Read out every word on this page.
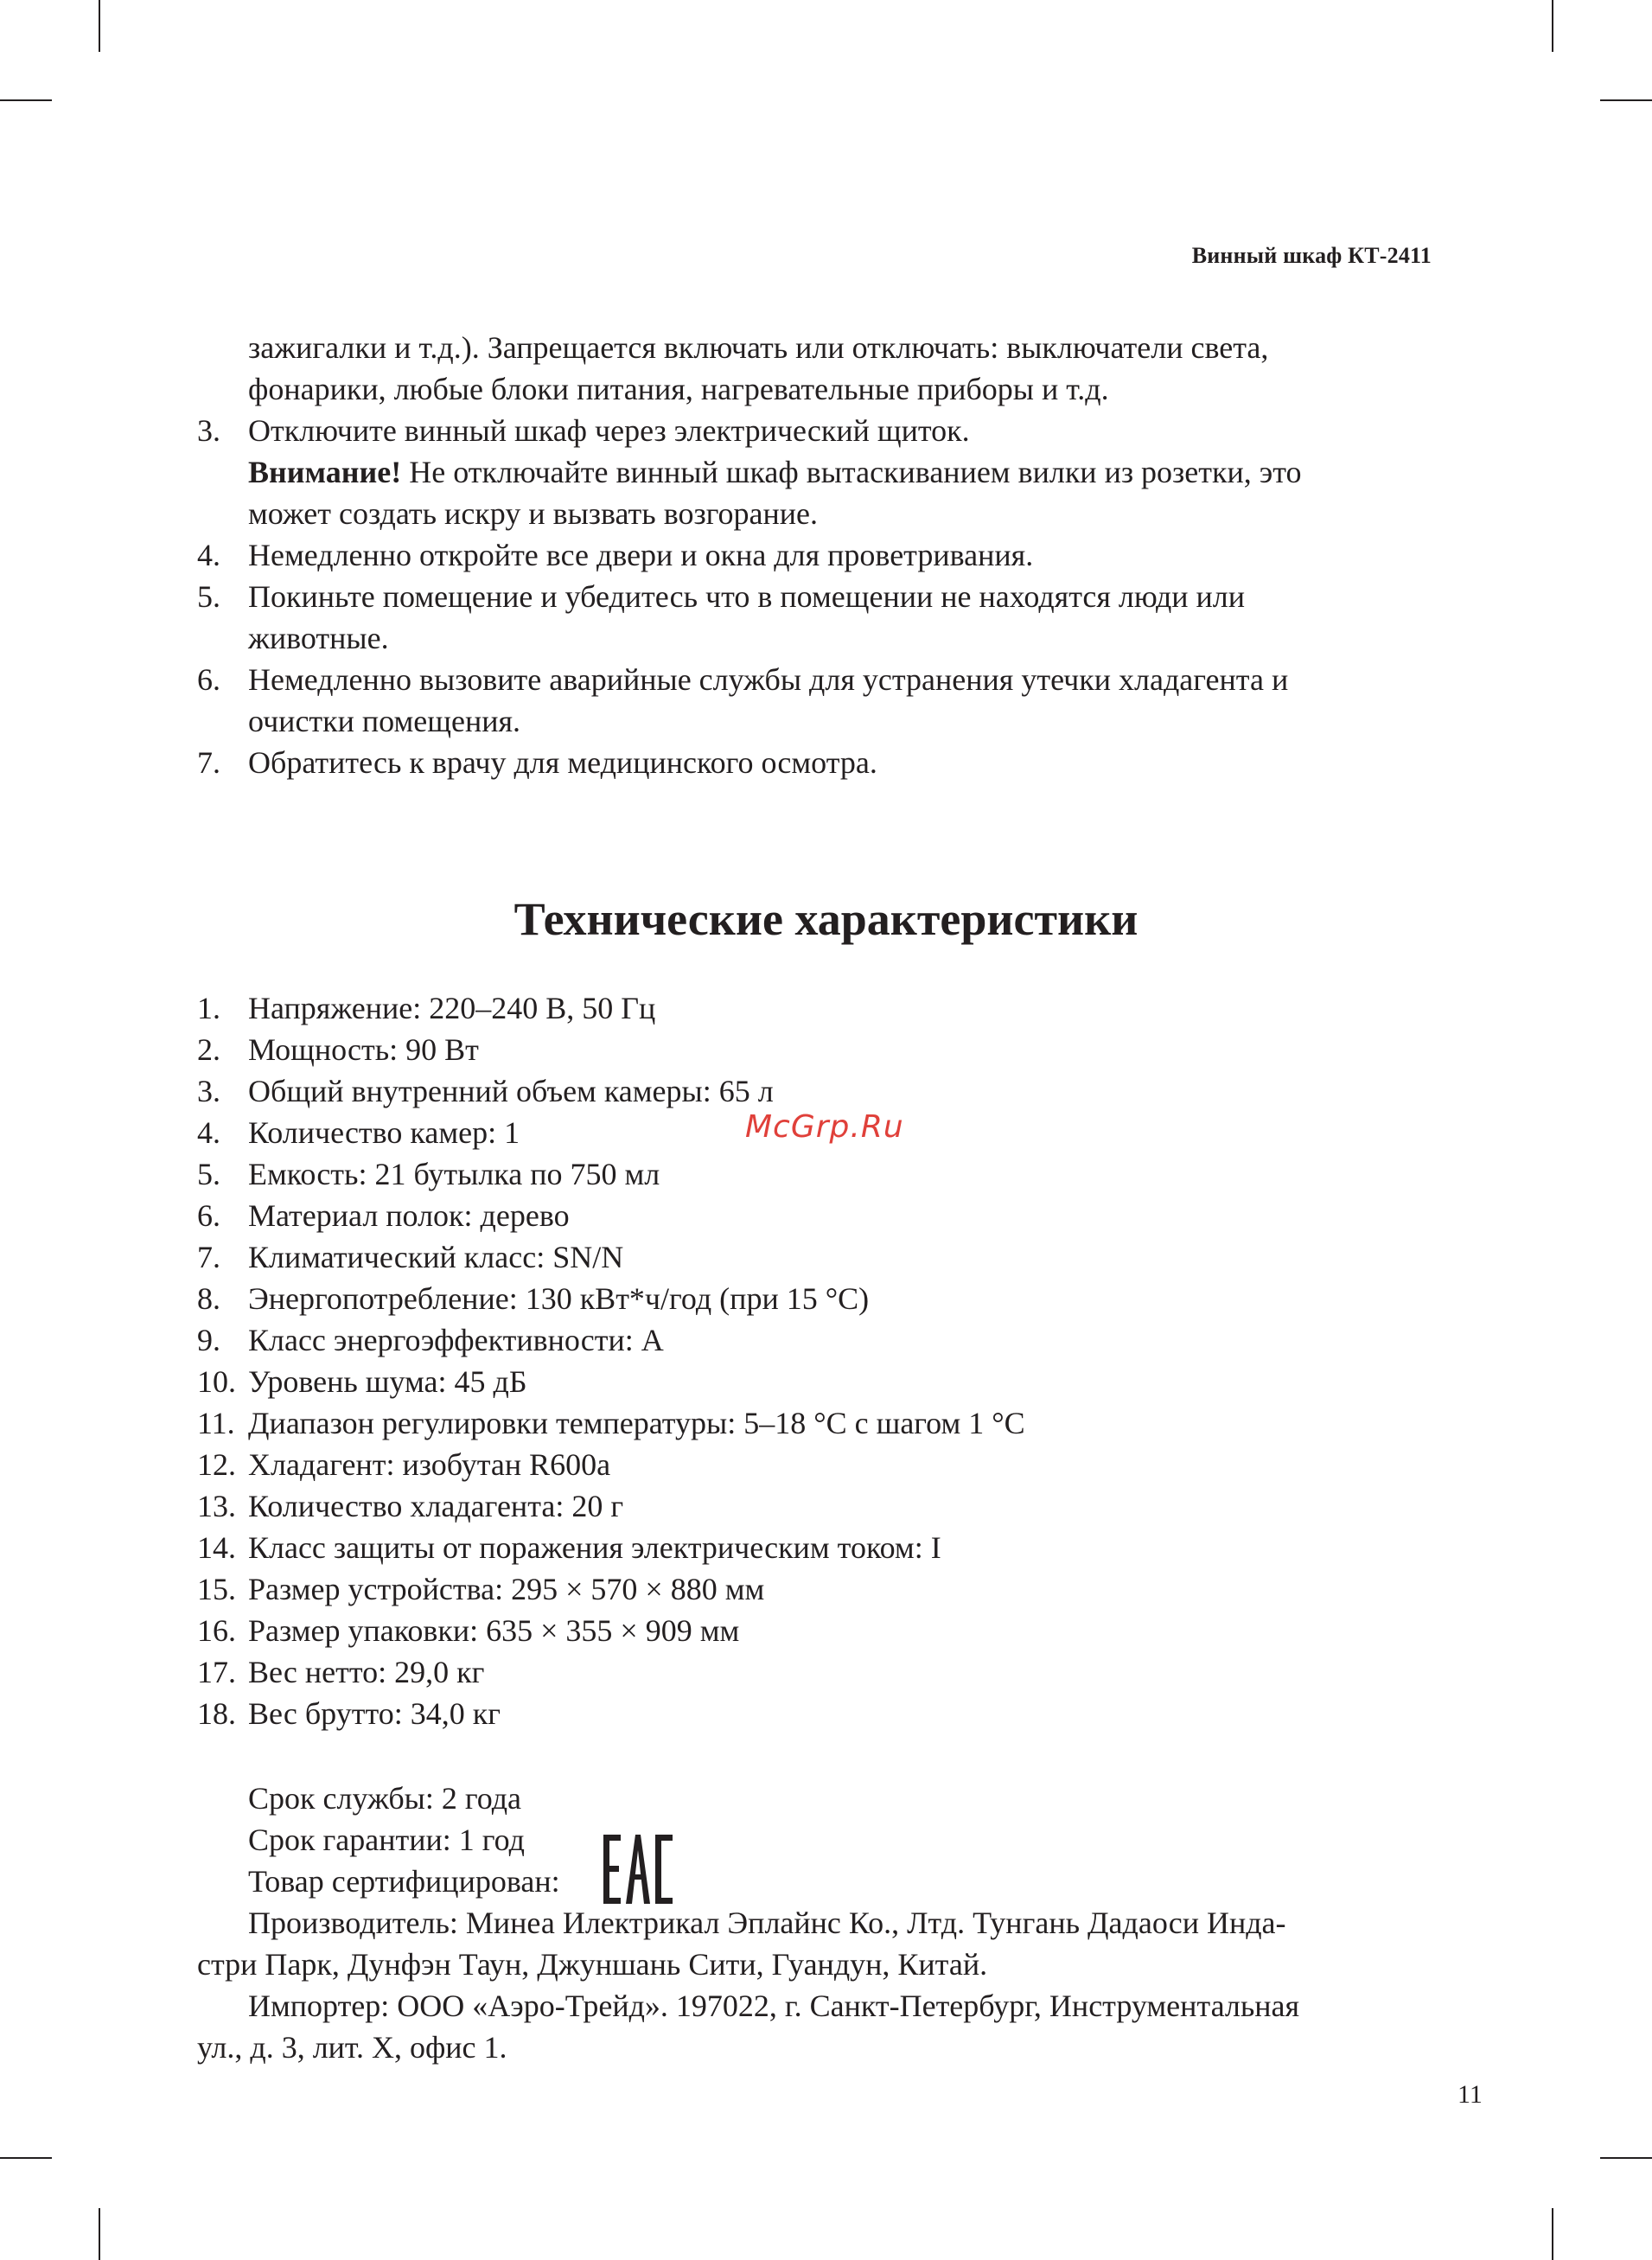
Винный шкаф КТ-2411
зажигалки и т.д.). Запрещается включать или отключать: выключатели света,
фонарики, любые блоки питания, нагревательные приборы и т.д.
3. Отключите винный шкаф через электрический щиток.
Внимание! Не отключайте винный шкаф вытаскиванием вилки из розетки, это
может создать искру и вызвать возгорание.
4. Немедленно откройте все двери и окна для проветривания.
5. Покиньте помещение и убедитесь что в помещении не находятся люди или
животные.
6. Немедленно вызовите аварийные службы для устранения утечки хладагента и
очистки помещения.
7. Обратитесь к врачу для медицинского осмотра.
Технические характеристики
1. Напряжение: 220–240 В, 50 Гц
2. Мощность: 90 Вт
3. Общий внутренний объем камеры: 65 л
4. Количество камер: 1
5. Емкость: 21 бутылка по 750 мл
6. Материал полок: дерево
7. Климатический класс: SN/N
8. Энергопотребление: 130 кВт*ч/год (при 15 °С)
9. Класс энергоэффективности: А
10. Уровень шума: 45 дБ
11. Диапазон регулировки температуры: 5–18 °С с шагом 1 °С
12. Хладагент: изобутан R600a
13. Количество хладагента: 20 г
14. Класс защиты от поражения электрическим током: I
15. Размер устройства: 295 × 570 × 880 мм
16. Размер упаковки: 635 × 355 × 909 мм
17. Вес нетто: 29,0 кг
18. Вес брутто: 34,0 кг
McGrp.Ru
Срок службы: 2 года
Срок гарантии: 1 год
Товар сертифицирован:
Производитель: Минеа Илектрикал Эплайнс Ко., Лтд. Тунгань Дадаоси Инда-
стри Парк, Дунфэн Таун, Джуншань Сити, Гуандун, Китай.
Импортер: ООО «Аэро-Трейд». 197022, г. Санкт-Петербург, Инструментальная
ул., д. 3, лит. Х, офис 1.
11
